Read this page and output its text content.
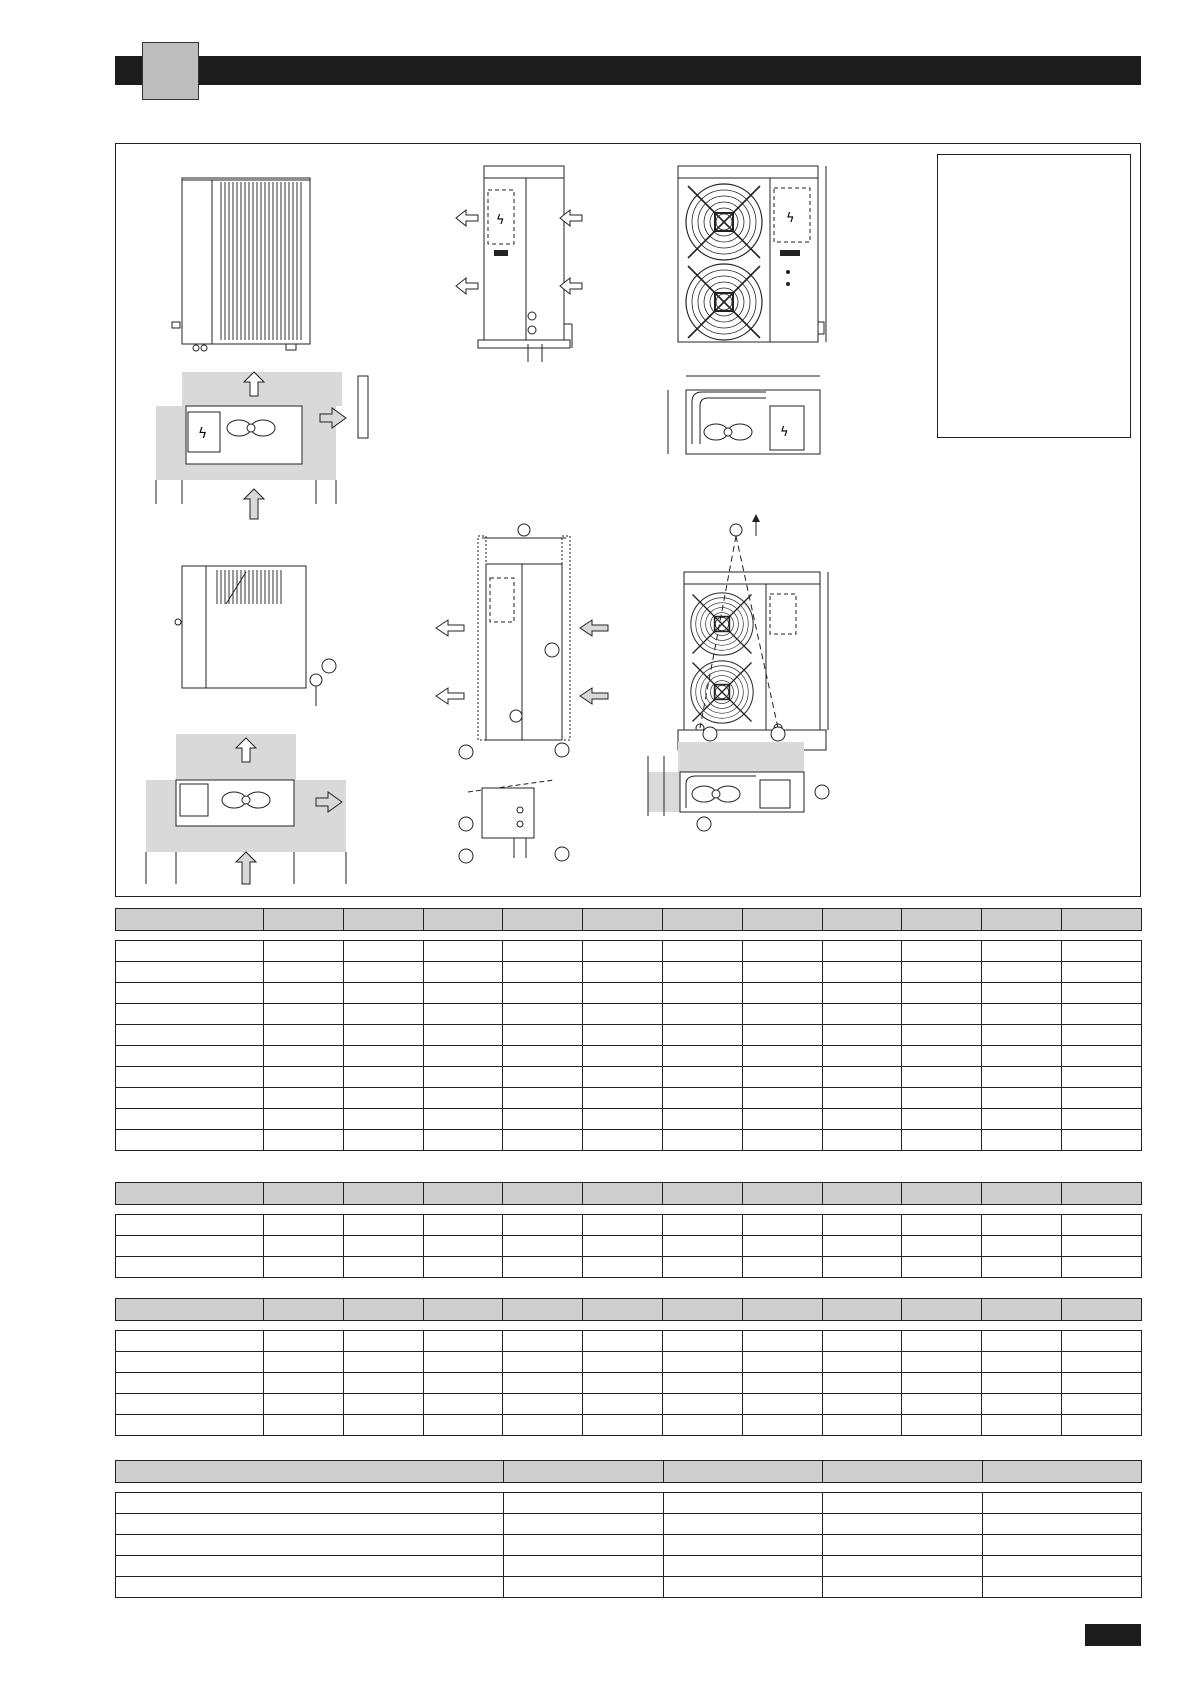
ϟ
ϟ	ϟ
ϟ
